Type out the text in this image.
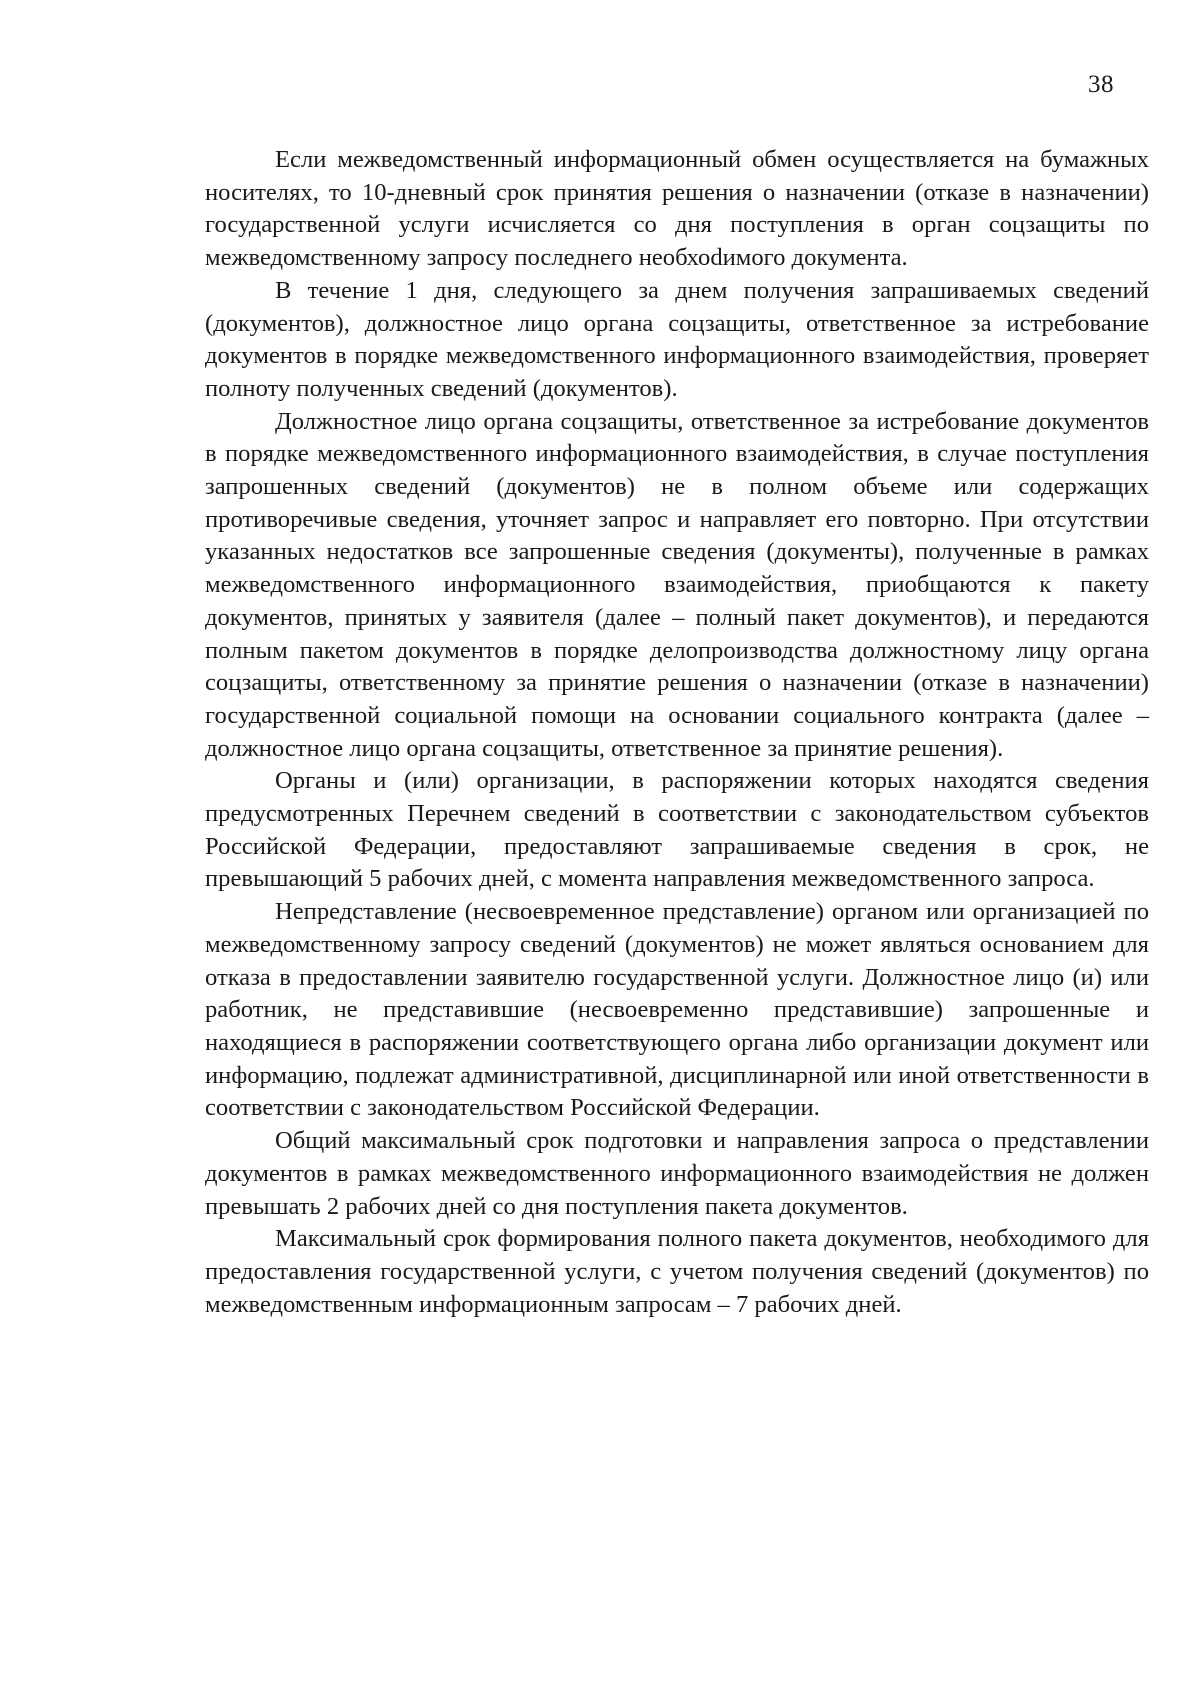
38

Если межведомственный информационный обмен осуществляется на бумажных носителях, то 10-дневный срок принятия решения о назначении (отказе в назначении) государственной услуги исчисляется со дня поступления в орган соцзащиты по межведомственному запросу последнего необхоdимого документа.

В течение 1 дня, следующего за днем получения запрашиваемых сведений (документов), должностное лицо органа соцзащиты, ответственное за истребование документов в порядке межведомственного информационного взаимодействия, проверяет полноту полученных сведений (документов).

Должностное лицо органа соцзащиты, ответственное за истребование документов в порядке межведомственного информационного взаимодействия, в случае поступления запрошенных сведений (документов) не в полном объеме или содержащих противоречивые сведения, уточняет запрос и направляет его повторно. При отсутствии указанных недостатков все запрошенные сведения (документы), полученные в рамках межведомственного информационного взаимодействия, приобщаются к пакету документов, принятых у заявителя (далее – полный пакет документов), и передаются полным пакетом документов в порядке делопроизводства должностному лицу органа соцзащиты, ответственному за принятие решения о назначении (отказе в назначении) государственной социальной помощи на основании социального контракта (далее – должностное лицо органа соцзащиты, ответственное за принятие решения).

Органы и (или) организации, в распоряжении которых находятся сведения предусмотренных Перечнем сведений в соответствии с законодательством субъектов Российской Федерации, предоставляют запрашиваемые сведения в срок, не превышающий 5 рабочих дней, с момента направления межведомственного запроса.

Непредставление (несвоевременное представление) органом или организацией по межведомственному запросу сведений (документов) не может являться основанием для отказа в предоставлении заявителю государственной услуги. Должностное лицо (и) или работник, не представившие (несвоевременно представившие) запрошенные и находящиеся в распоряжении соответствующего органа либо организации документ или информацию, подлежат административной, дисциплинарной или иной ответственности в соответствии с законодательством Российской Федерации.

Общий максимальный срок подготовки и направления запроса о представлении документов в рамках межведомственного информационного взаимодействия не должен превышать 2 рабочих дней со дня поступления пакета документов.

Максимальный срок формирования полного пакета документов, необходимого для предоставления государственной услуги, с учетом получения сведений (документов) по межведомственным информационным запросам – 7 рабочих дней.
